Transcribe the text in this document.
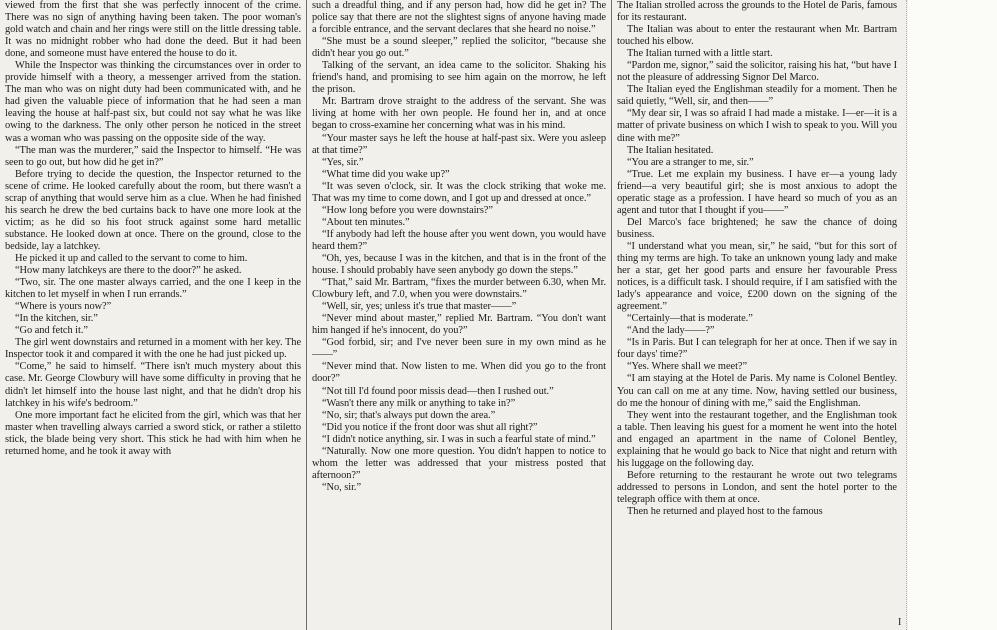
viewed from the first that she was perfectly innocent of the crime. There was no sign of anything having been taken. The poor woman's gold watch and chain and her rings were still on the little dressing table. It was no midnight robber who had done the deed. But it had been done, and someone must have entered the house to do it.

While the Inspector was thinking the circumstances over in order to provide himself with a theory, a messenger arrived from the station. The man who was on night duty had been communicated with, and he had given the valuable piece of information that he had seen a man leaving the house at half-past six, but could not say what he was like owing to the darkness. The only other person he noticed in the street was a woman who was passing on the opposite side of the way.

“The man was the murderer,” said the Inspector to himself. “He was seen to go out, but how did he get in?”

Before trying to decide the question, the Inspector returned to the scene of crime. He looked carefully about the room, but there wasn't a scrap of anything that would serve him as a clue. When he had finished his search he drew the bed curtains back to have one more look at the victim; as he did so his foot struck against some hard metallic substance. He looked down at once. There on the ground, close to the bedside, lay a latchkey.

He picked it up and called to the servant to come to him.

“How many latchkeys are there to the door?” he asked.

“Two, sir. The one master always carried, and the one I keep in the kitchen to let myself in when I run errands.”

“Where is yours now?”

“In the kitchen, sir.”

“Go and fetch it.”

The girl went downstairs and returned in a moment with her key. The Inspector took it and compared it with the one he had just picked up.

“Come,” he said to himself. “There isn't much mystery about this case. Mr. George Clowbury will have some difficulty in proving that he didn't let himself into the house last night, and that he didn't drop his latchkey in his wife's bedroom.”

One more important fact he elicited from the girl, which was that her master when travelling always carried a sword stick, or rather a stiletto stick, the blade being very short. This stick he had with him when he returned home, and he took it away with

such a dreadful thing, and if any person had, how did he get in? The police say that there are not the slightest signs of anyone having made a forcible entrance, and the servant declares that she heard no noise.”

“She must be a sound sleeper,” replied the solicitor, “because she didn't hear you go out.”

Talking of the servant, an idea came to the solicitor. Shaking his friend's hand, and promising to see him again on the morrow, he left the prison.

Mr. Bartram drove straight to the address of the servant. She was living at home with her own people. He found her in, and at once began to cross-examine her concerning what was in his mind.

“Your master says he left the house at half-past six. Were you asleep at that time?”

“Yes, sir.”

“What time did you wake up?”

“It was seven o'clock, sir. It was the clock striking that woke me. That was my time to come down, and I got up and dressed at once.”

“How long before you were downstairs?”

“About ten minutes.”

“If anybody had left the house after you went down, you would have heard them?”

“Oh, yes, because I was in the kitchen, and that is in the front of the house. I should probably have seen anybody go down the steps.”

“That,” said Mr. Bartram, “fixes the murder between 6.30, when Mr. Clowbury left, and 7.0, when you were downstairs.”

“Well, sir, yes; unless it's true that master——”

“Never mind about master,” replied Mr. Bartram. “You don't want him hanged if he's innocent, do you?”

“God forbid, sir; and I've never been sure in my own mind as he——”

“Never mind that. Now listen to me. When did you go to the front door?”

“Not till I'd found poor missis dead—then I rushed out.”

“Wasn't there any milk or anything to take in?”

“No, sir; that's always put down the area.”

“Did you notice if the front door was shut all right?”

“I didn't notice anything, sir. I was in such a fearful state of mind.”

“Naturally. Now one more question. You didn't happen to notice to whom the letter was addressed that your mistress posted that afternoon?”

“No, sir.”

The Italian strolled across the grounds to the Hotel de Paris, famous for its restaurant.

The Italian was about to enter the restaurant when Mr. Bartram touched his elbow.

The Italian turned with a little start.

“Pardon me, signor,” said the solicitor, raising his hat, “but have I not the pleasure of addressing Signor Del Marco.

The Italian eyed the Englishman steadily for a moment. Then he said quietly, “Well, sir, and then——”

“My dear sir, I was so afraid I had made a mistake. I—er—it is a matter of private business on which I wish to speak to you. Will you dine with me?”

The Italian hesitated.

“You are a stranger to me, sir.”

“True. Let me explain my business. I have er—a young lady friend—a very beautiful girl; she is most anxious to adopt the operatic stage as a profession. I have heard so much of you as an agent and tutor that I thought if you——”

Del Marco's face brightened; he saw the chance of doing business.

“I understand what you mean, sir,” he said, “but for this sort of thing my terms are high. To take an unknown young lady and make her a star, get her good parts and ensure her favourable Press notices, is a difficult task. I should require, if I am satisfied with the lady's appearance and voice, £200 down on the signing of the agreement.”

“Certainly—that is moderate.”

“And the lady——?”

“Is in Paris. But I can telegraph for her at once. Then if we say in four days' time?”

“Yes. Where shall we meet?”

“I am staying at the Hotel de Paris. My name is Colonel Bentley. You can call on me at any time. Now, having settled our business, do me the honour of dining with me,” said the Englishman.

They went into the restaurant together, and the Englishman took a table. Then leaving his guest for a moment he went into the hotel and engaged an apartment in the name of Colonel Bentley, explaining that he would go back to Nice that night and return with his luggage on the following day.

Before returning to the restaurant he wrote out two telegrams addressed to persons in London, and sent the hotel porter to the telegraph office with them at once.

Then he returned and played host to the famous

I
